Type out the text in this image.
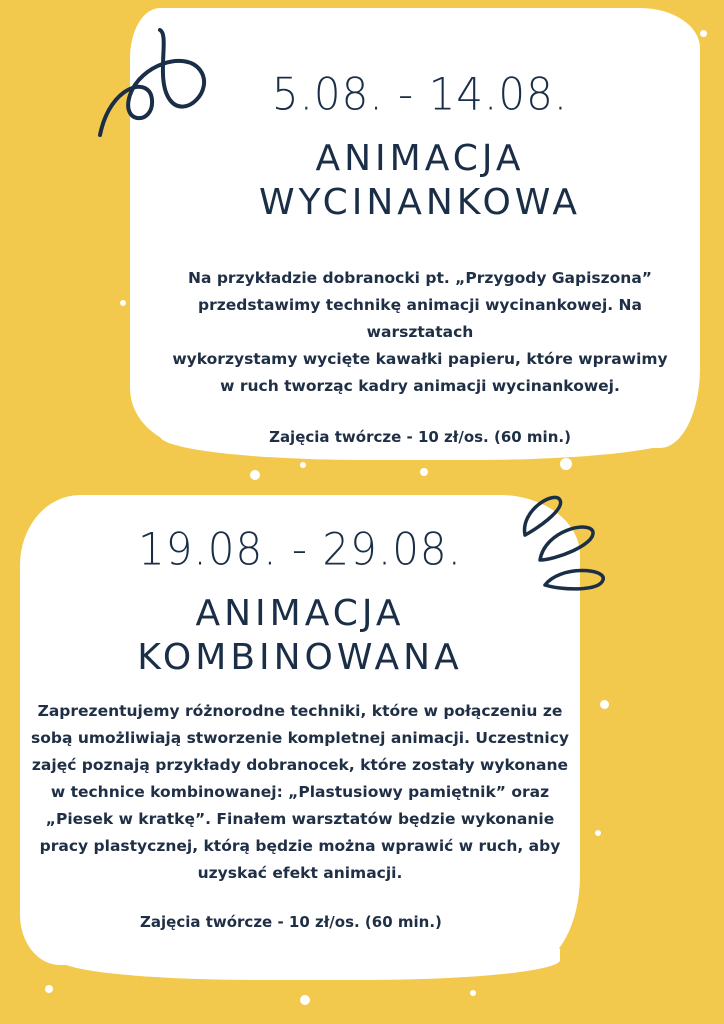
5.08. - 14.08.
ANIMACJA
WYCINANKOWA
Na przykładzie dobranocki pt. „Przygody Gapiszona”
przedstawimy technikę animacji wycinankowej. Na warsztatach
wykorzystamy wycięte kawałki papieru, które wprawimy
w ruch tworząc kadry animacji wycinankowej.
Zajęcia twórcze - 10 zł/os. (60 min.)
19.08. - 29.08.
ANIMACJA
KOMBINOWANA
Zaprezentujemy różnorodne techniki, które w połączeniu ze
sobą umożliwiają stworzenie kompletnej animacji. Uczestnicy
zajęć poznają przykłady dobranocek, które zostały wykonane
w technice kombinowanej: „Plastusiowy pamiętnik” oraz
„Piesek w kratkę”. Finałem warsztatów będzie wykonanie
pracy plastycznej, którą będzie można wprawić w ruch, aby
uzyskać efekt animacji.
Zajęcia twórcze - 10 zł/os. (60 min.)
